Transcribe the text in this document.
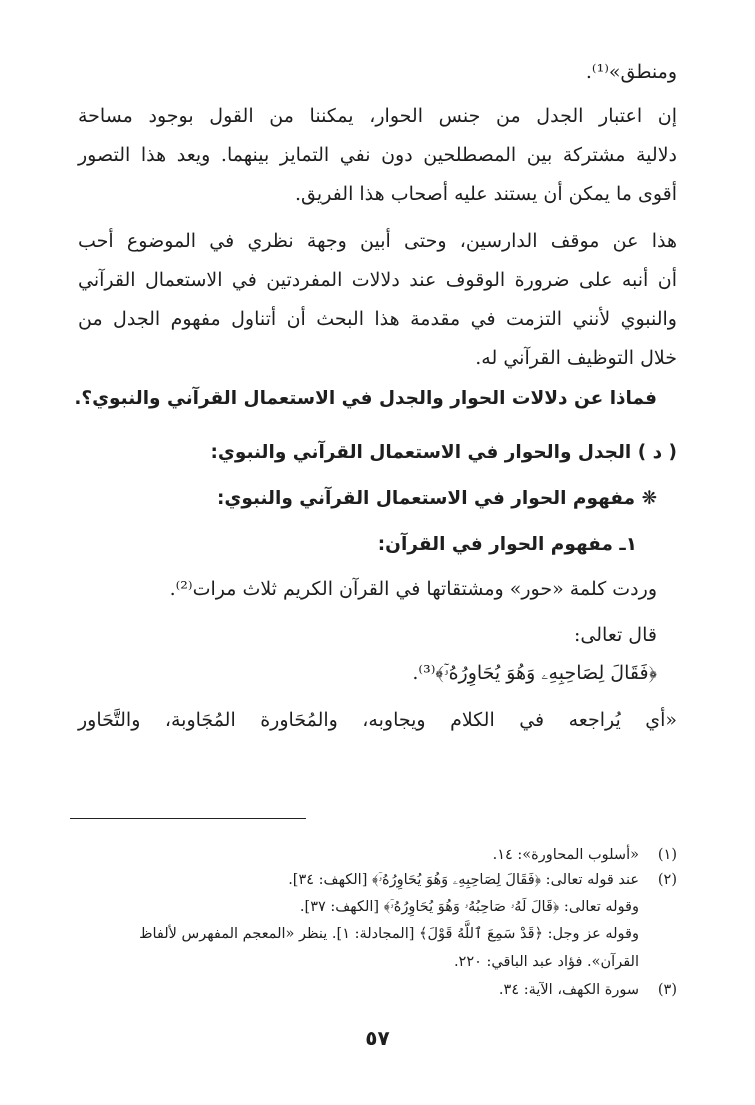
ومنطق»⁽¹⁾.
إن اعتبار الجدل من جنس الحوار، يمكننا من القول بوجود مساحة
دلالية مشتركة بين المصطلحين دون نفي التمايز بينهما. ويعد هذا التصور
أقوى ما يمكن أن يستند عليه أصحاب هذا الفريق.
هذا عن موقف الدارسين، وحتى أبين وجهة نظري في الموضوع أحب
أن أنبه على ضرورة الوقوف عند دلالات المفردتين في الاستعمال القرآني
والنبوي لأنني التزمت في مقدمة هذا البحث أن أتناول مفهوم الجدل من
خلال التوظيف القرآني له.
فماذا عن دلالات الحوار والجدل في الاستعمال القرآني والنبوي؟.
( د ) الجدل والحوار في الاستعمال القرآني والنبوي:
❋ مفهوم الحوار في الاستعمال القرآني والنبوي:
١ـ مفهوم الحوار في القرآن:
وردت كلمة «حور» ومشتقاتها في القرآن الكريم ثلاث مرات⁽²⁾.
قال تعالى:
﴿فَقَالَ لِصَاحِبِهِۦ وَهُوَ يُحَاوِرُهُۥٓ﴾⁽³⁾.
«أي يُراجعه في الكلام ويجاوبه، والمُحَاورة المُجَاوبة، والتَّحَاور
(١)«أسلوب المحاورة»: ١٤.
(٢)عند قوله تعالى: ﴿فَقَالَ لِصَاحِبِهِۦ وَهُوَ يُحَاوِرُهُۥٓ﴾ [الكهف: ٣٤].
وقوله تعالى: ﴿قَالَ لَهُۥ صَاحِبُهُۥ وَهُوَ يُحَاوِرُهُۥٓ﴾ [الكهف: ٣٧].
وقوله عز وجل: ﴿قَدْ سَمِعَ ٱللَّهُ قَوْلَ﴾ [المجادلة: ١]. ينظر «المعجم المفهرس لألفاظ
القرآن». فؤاد عبد الباقي: ٢٢٠.
(٣)سورة الكهف، الآية: ٣٤.
٥٧
